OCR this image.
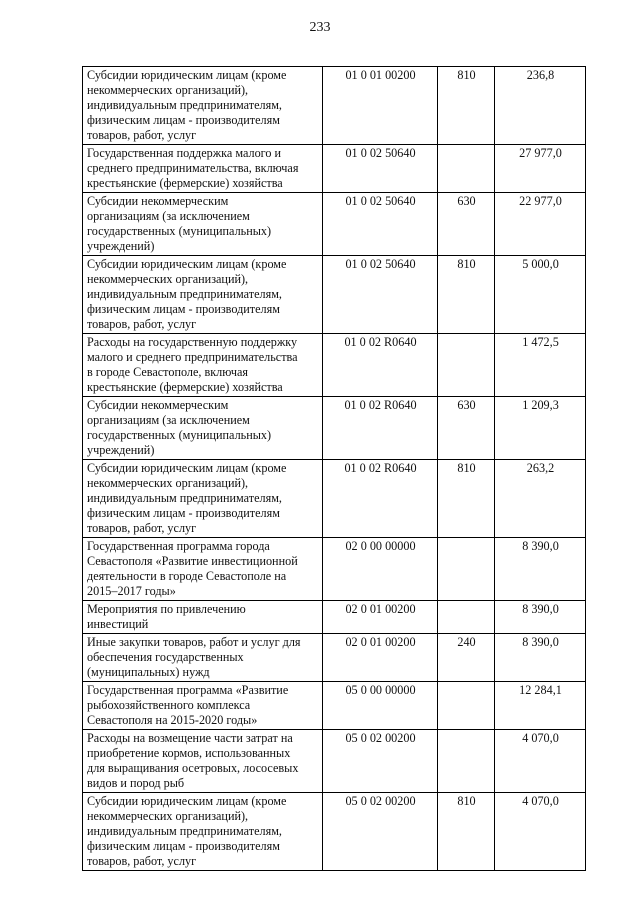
233
Субсидии юридическим лицам (кроме
некоммерческих организаций),
индивидуальным предпринимателям,
физическим лицам - производителям
товаров, работ, услуг	01 0 01 00200	810	236,8
Государственная поддержка малого и
среднего предпринимательства, включая
крестьянские (фермерские) хозяйства	01 0 02 50640		27 977,0
Субсидии некоммерческим
организациям (за исключением
государственных (муниципальных)
учреждений)	01 0 02 50640	630	22 977,0
Субсидии юридическим лицам (кроме
некоммерческих организаций),
индивидуальным предпринимателям,
физическим лицам - производителям
товаров, работ, услуг	01 0 02 50640	810	5 000,0
Расходы на государственную поддержку
малого и среднего предпринимательства
в городе Севастополе, включая
крестьянские (фермерские) хозяйства	01 0 02 R0640		1 472,5
Субсидии некоммерческим
организациям (за исключением
государственных (муниципальных)
учреждений)	01 0 02 R0640	630	1 209,3
Субсидии юридическим лицам (кроме
некоммерческих организаций),
индивидуальным предпринимателям,
физическим лицам - производителям
товаров, работ, услуг	01 0 02 R0640	810	263,2
Государственная программа города
Севастополя «Развитие инвестиционной
деятельности в городе Севастополе на
2015–2017 годы»	02 0 00 00000		8 390,0
Мероприятия по привлечению
инвестиций	02 0 01 00200		8 390,0
Иные закупки товаров, работ и услуг для
обеспечения государственных
(муниципальных) нужд	02 0 01 00200	240	8 390,0
Государственная программа «Развитие
рыбохозяйственного комплекса
Севастополя на 2015-2020 годы»	05 0 00 00000		12 284,1
Расходы на возмещение части затрат на
приобретение кормов, использованных
для выращивания осетровых, лососевых
видов и пород рыб	05 0 02 00200		4 070,0
Субсидии юридическим лицам (кроме
некоммерческих организаций),
индивидуальным предпринимателям,
физическим лицам - производителям
товаров, работ, услуг	05 0 02 00200	810	4 070,0
